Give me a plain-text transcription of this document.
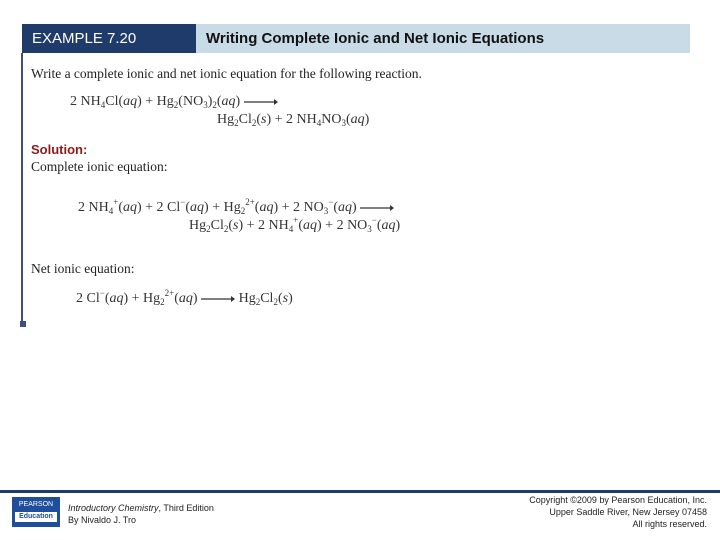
EXAMPLE 7.20	Writing Complete Ionic and Net Ionic Equations
Write a complete ionic and net ionic equation for the following reaction.
2 $NH_4Cl(aq) + Hg_2(NO_3)_2(aq)$ →
$Hg_2Cl_2(s) + 2$ $NH_4NO_3(aq)$
Solution:
Complete ionic equation:
2 $NH_4^+(aq) + 2$ $Cl^-(aq) + Hg_2^{2+}(aq) + 2$ $NO_3^-(aq)$ →
$Hg_2Cl_2(s) + 2$ $NH_4^+(aq) + 2$ $NO_3^-(aq)$
Net ionic equation:
2 $Cl^-(aq) + Hg_2^{2+}(aq) \to Hg_2Cl_2(s)$
PEARSON
Education
Introductory Chemistry, Third Edition
By Nivaldo J. Tro
Copyright ©2009 by Pearson Education, Inc.
Upper Saddle River, New Jersey 07458
All rights reserved.
